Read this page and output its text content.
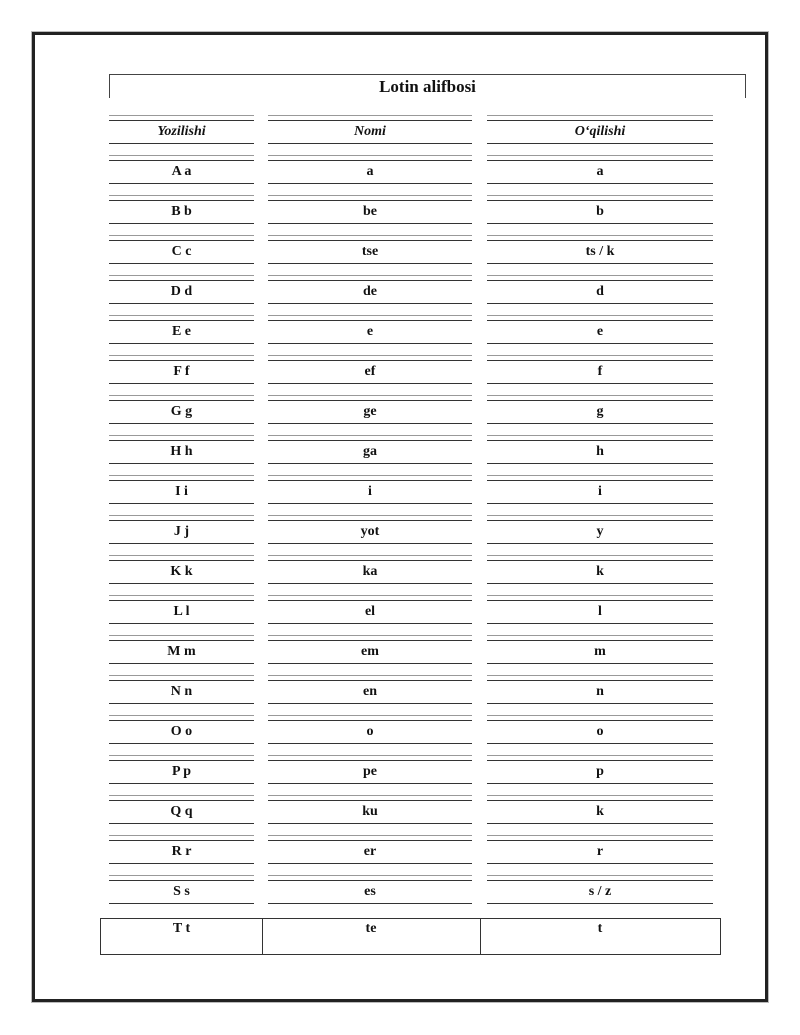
Lotin alifbosi
Yozilishi	Nomi	O‘qilishi
A a	a	a
B b	be	b
C c	tse	ts / k
D d	de	d
E e	e	e
F f	ef	f
G g	ge	g
H h	ga	h
I i	i	i
J j	yot	y
K k	ka	k
L l	el	l
M m	em	m
N n	en	n
O o	o	o
P p	pe	p
Q q	ku	k
R r	er	r
S s	es	s / z
T t	te	t
